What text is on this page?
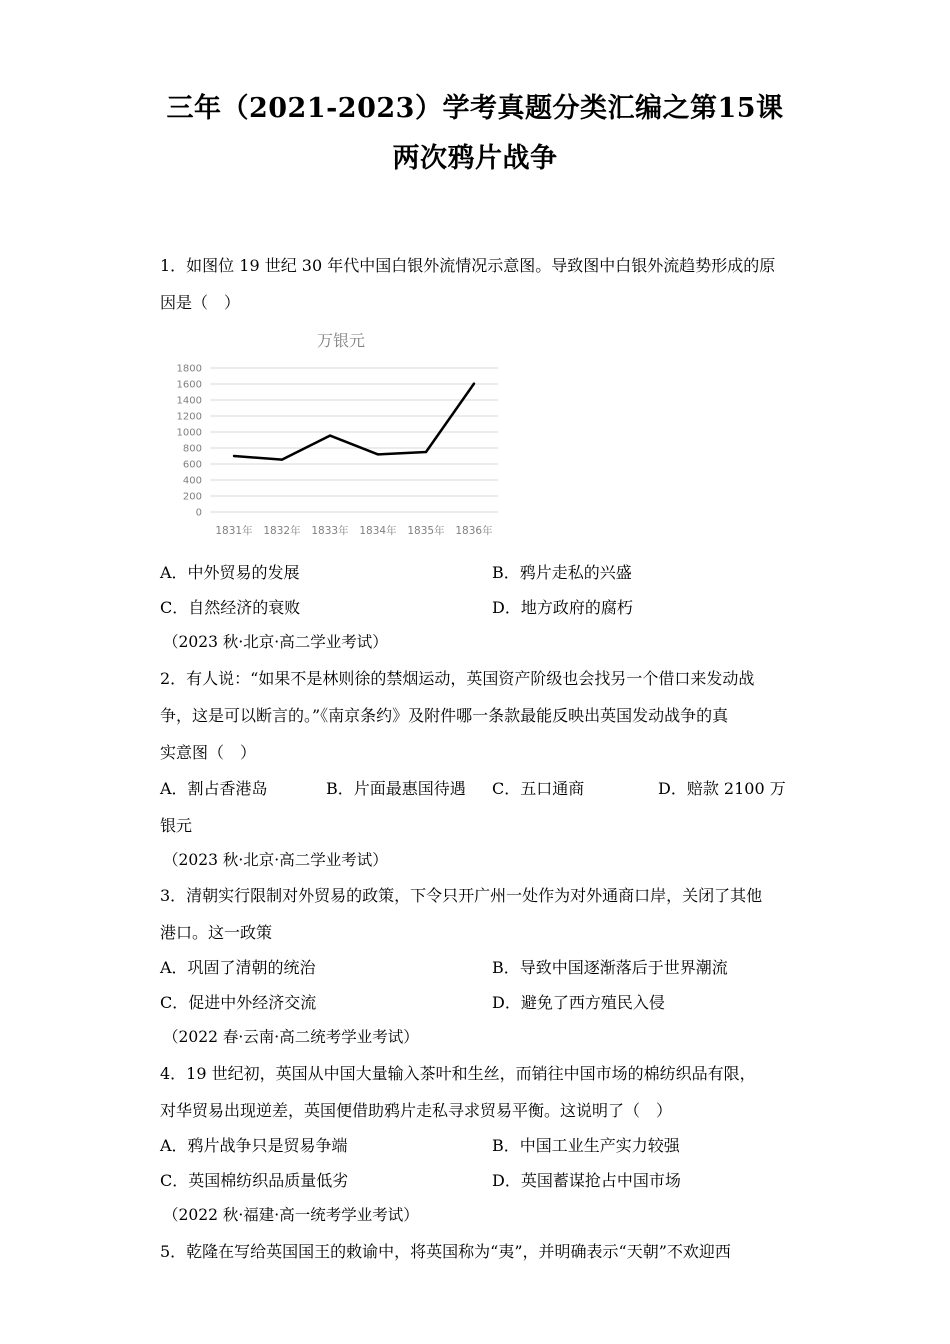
三年（2021-2023）学考真题分类汇编之第15课
两次鸦片战争
1．如图位 19 世纪 30 年代中国白银外流情况示意图。导致图中白银外流趋势形成的原
因是（　）
万银元
0
200
400
600
800
1000
1200
1400
1600
1800
1831年 1832年 1833年 1834年 1835年 1836年
A．中外贸易的发展	B．鸦片走私的兴盛
C．自然经济的衰败	D．地方政府的腐朽
（2023 秋·北京·高二学业考试）
2．有人说：“如果不是林则徐的禁烟运动，英国资产阶级也会找另一个借口来发动战
争，这是可以断言的。”《南京条约》及附件哪一条款最能反映出英国发动战争的真
实意图（　）
A．割占香港岛	B．片面最惠国待遇 C．五口通商	D．赔款 2100 万
银元
（2023 秋·北京·高二学业考试）
3．清朝实行限制对外贸易的政策，下令只开广州一处作为对外通商口岸，关闭了其他
港口。这一政策
A．巩固了清朝的统治	B．导致中国逐渐落后于世界潮流
C．促进中外经济交流	D．避免了西方殖民入侵
（2022 春·云南·高二统考学业考试）
4．19 世纪初，英国从中国大量输入茶叶和生丝，而销往中国市场的棉纺织品有限，
对华贸易出现逆差，英国便借助鸦片走私寻求贸易平衡。这说明了（　）
A．鸦片战争只是贸易争端	B．中国工业生产实力较强
C．英国棉纺织品质量低劣	D．英国蓄谋抢占中国市场
（2022 秋·福建·高一统考学业考试）
5．乾隆在写给英国国王的敕谕中，将英国称为“夷”，并明确表示“天朝”不欢迎西
